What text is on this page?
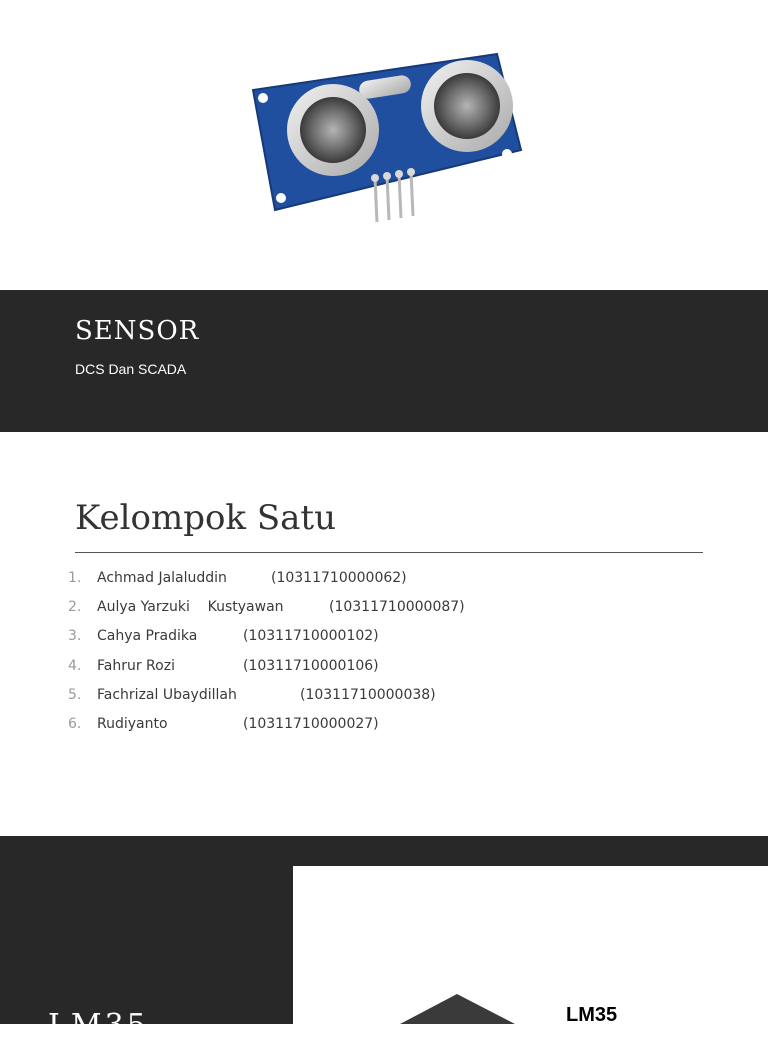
SENSOR
DCS Dan SCADA
Kelompok Satu
1. Achmad Jalaluddin	(10311710000062)
2. Aulya Yarzuki    Kustyawan	(10311710000087)
3. Cahya Pradika	(10311710000102)
4. Fahrur Rozi	(10311710000106)
5. Fachrizal Ubaydillah	(10311710000038)
6. Rudiyanto	(10311710000027)
LM35	LM35
